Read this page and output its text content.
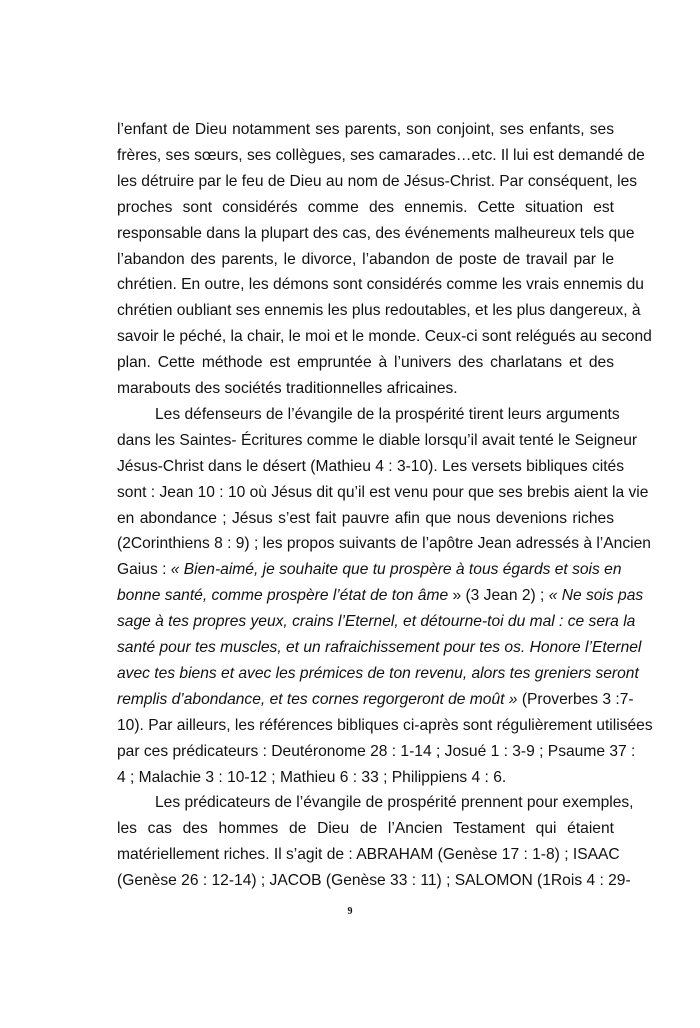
l’enfant de Dieu notamment ses parents, son conjoint, ses enfants, ses
frères, ses sœurs, ses collègues, ses camarades…etc. Il lui est demandé de
les détruire par le feu de Dieu au nom de Jésus-Christ. Par conséquent, les
proches sont considérés comme des ennemis. Cette situation est
responsable dans la plupart des cas, des événements malheureux tels que
l’abandon des parents, le divorce, l’abandon de poste de travail par le
chrétien. En outre, les démons sont considérés comme les vrais ennemis du
chrétien oubliant ses ennemis les plus redoutables, et les plus dangereux, à
savoir le péché, la chair, le moi et le monde. Ceux-ci sont relégués au second
plan. Cette méthode est empruntée à l’univers des charlatans et des
marabouts des sociétés traditionnelles africaines.
Les défenseurs de l’évangile de la prospérité tirent leurs arguments
dans les Saintes- Écritures comme le diable lorsqu’il avait tenté le Seigneur
Jésus-Christ dans le désert (Mathieu 4 : 3-10). Les versets bibliques cités
sont : Jean 10 : 10 où Jésus dit qu’il est venu pour que ses brebis aient la vie
en abondance ; Jésus s’est fait pauvre afin que nous devenions riches
(2Corinthiens 8 : 9) ; les propos suivants de l’apôtre Jean adressés à l’Ancien
Gaius : « Bien-aimé, je souhaite que tu prospère à tous égards et sois en
bonne santé, comme prospère l’état de ton âme » (3 Jean 2) ; « Ne sois pas
sage à tes propres yeux, crains l’Eternel, et détourne-toi du mal : ce sera la
santé pour tes muscles, et un rafraichissement pour tes os. Honore l’Eternel
avec tes biens et avec les prémices de ton revenu, alors tes greniers seront
remplis d’abondance, et tes cornes regorgeront de moût » (Proverbes 3 :7-
10). Par ailleurs, les références bibliques ci-après sont régulièrement utilisées
par ces prédicateurs : Deutéronome 28 : 1-14 ; Josué 1 : 3-9 ; Psaume 37 :
4 ; Malachie 3 : 10-12 ; Mathieu 6 : 33 ; Philippiens 4 : 6.
Les prédicateurs de l’évangile de prospérité prennent pour exemples,
les cas des hommes de Dieu de l’Ancien Testament qui étaient
matériellement riches. Il s’agit de : ABRAHAM (Genèse 17 : 1-8) ; ISAAC
(Genèse 26 : 12-14) ; JACOB (Genèse 33 : 11) ; SALOMON (1Rois 4 : 29-
9
